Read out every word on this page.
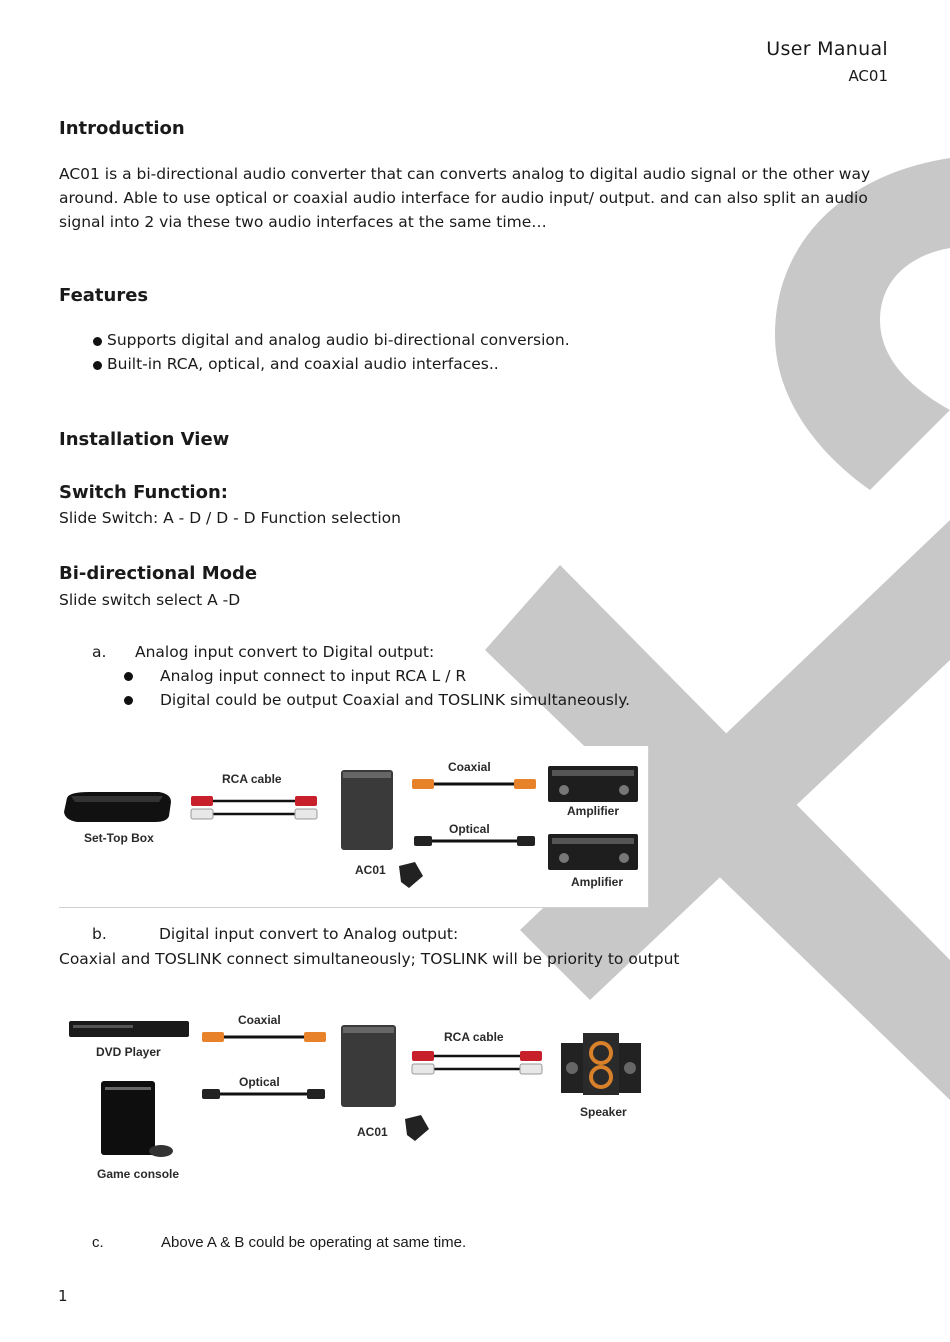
User Manual
AC01
Introduction
AC01 is a bi-directional audio converter that can converts analog to digital audio signal or the other way around. Able to use optical or coaxial audio interface for audio input/ output. and can also split an audio signal into 2 via these two audio interfaces at the same time…
Features
Supports digital and analog audio bi-directional conversion.
Built-in RCA, optical, and coaxial audio interfaces..
Installation View
Switch Function:
Slide Switch: A - D / D - D Function selection
Bi-directional Mode
Slide switch select A -D
a. Analog input convert to Digital output:
Analog input connect to input RCA L / R
Digital could be output Coaxial and TOSLINK simultaneously.
Set-Top Box
RCA cable
AC01
Coaxial
Optical
Amplifier
Amplifier
b.	Digital input convert to Analog output:
Coaxial and TOSLINK connect simultaneously; TOSLINK will be priority to output
DVD Player
Coaxial
Optical
AC01
RCA cable
Speaker
Game console
c.	Above A & B could be operating at same time.
1
